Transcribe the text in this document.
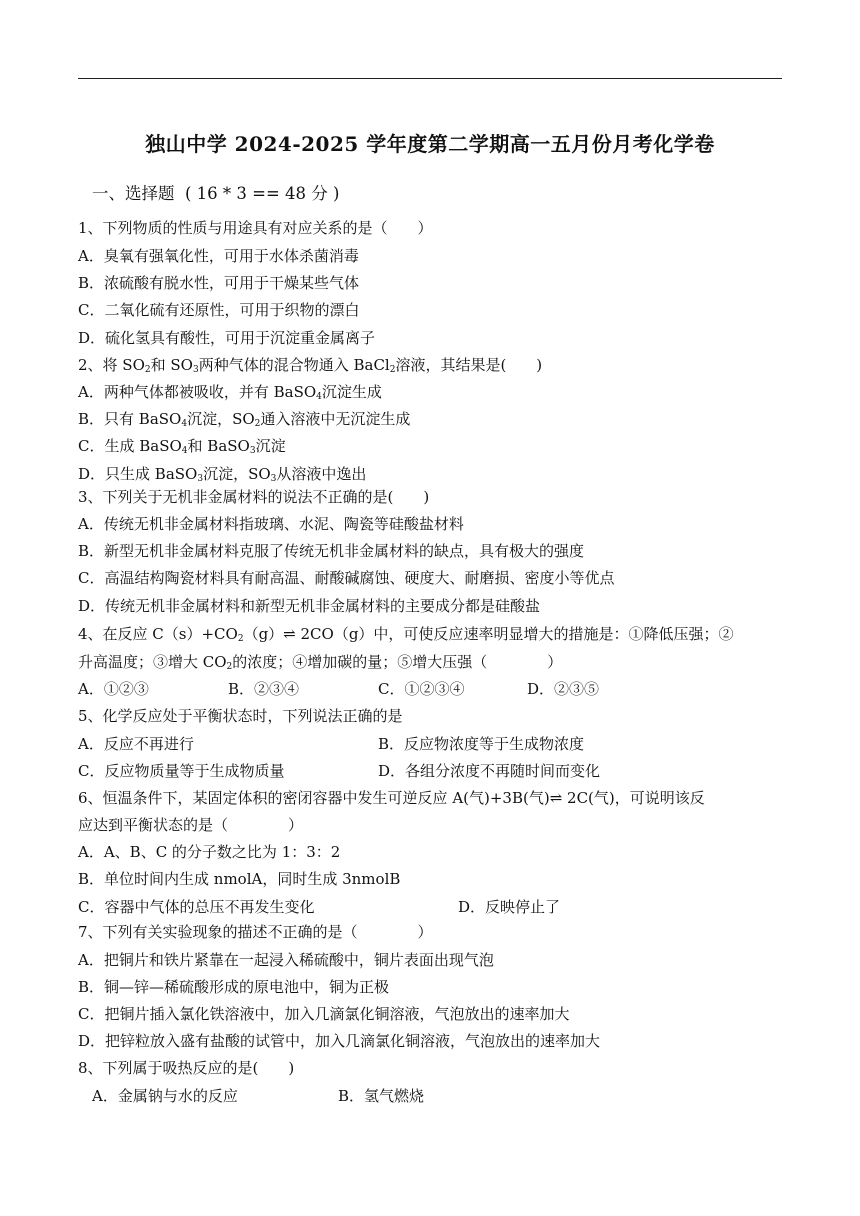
独山中学 2024-2025 学年度第二学期高一五月份月考化学卷
一、选择题  ( 16 * 3 == 48 分 )
1、下列物质的性质与用途具有对应关系的是（　　）
A．臭氧有强氧化性，可用于水体杀菌消毒
B．浓硫酸有脱水性，可用于干燥某些气体
C．二氧化硫有还原性，可用于织物的漂白
D．硫化氢具有酸性，可用于沉淀重金属离子
2、将 $SO_2$和 $SO_3$两种气体的混合物通入 BaCl$_2$溶液，其结果是(　　)
A．两种气体都被吸收，并有 BaSO$_4$沉淀生成
B．只有 BaSO$_4$沉淀，$SO_2$通入溶液中无沉淀生成
C．生成 BaSO$_4$和 BaSO$_3$沉淀
D．只生成 BaSO$_3$沉淀，$SO_3$从溶液中逸出
3、下列关于无机非金属材料的说法不正确的是(　　)
A．传统无机非金属材料指玻璃、水泥、陶瓷等硅酸盐材料
B．新型无机非金属材料克服了传统无机非金属材料的缺点，具有极大的强度
C．高温结构陶瓷材料具有耐高温、耐酸碱腐蚀、硬度大、耐磨损、密度小等优点
D．传统无机非金属材料和新型无机非金属材料的主要成分都是硅酸盐
4、在反应 $C(s)+CO_2(g)\rightleftharpoons$ 2CO（g）中，可使反应速率明显增大的措施是：①降低压强；②
升高温度；③增大 $CO_2$的浓度；④增加碳的量；⑤增大压强（　　　　）
A．①②③	B．②③④	C．①②③④	D．②③⑤
5、化学反应处于平衡状态时，下列说法正确的是
A．反应不再进行	B．反应物浓度等于生成物浓度
C．反应物质量等于生成物质量	D．各组分浓度不再随时间而变化
6、恒温条件下，某固定体积的密闭容器中发生可逆反应 A(气)+3B(气)⇌ 2C(气)，可说明该反
应达到平衡状态的是（　　　　）
A．A、B、C 的分子数之比为 1：3：2
B．单位时间内生成 nmolA，同时生成 3nmolB
C．容器中气体的总压不再发生变化	D．反映停止了
7、下列有关实验现象的描述不正确的是（　　　　）
A．把铜片和铁片紧靠在一起浸入稀硫酸中，铜片表面出现气泡
B．铜—锌—稀硫酸形成的原电池中，铜为正极
C．把铜片插入氯化铁溶液中，加入几滴氯化铜溶液，气泡放出的速率加大
D．把锌粒放入盛有盐酸的试管中，加入几滴氯化铜溶液，气泡放出的速率加大
8、下列属于吸热反应的是(　　)
A．金属钠与水的反应	B．氢气燃烧
